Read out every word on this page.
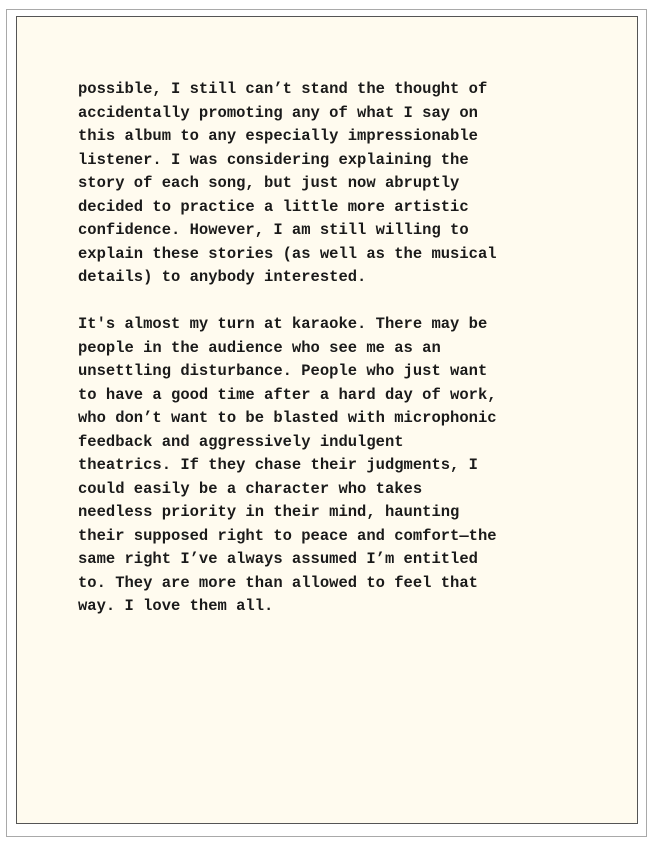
possible, I still can’t stand the thought of
accidentally promoting any of what I say on
this album to any especially impressionable
listener. I was considering explaining the
story of each song, but just now abruptly
decided to practice a little more artistic
confidence. However, I am still willing to
explain these stories (as well as the musical
details) to anybody interested.

It's almost my turn at karaoke. There may be
people in the audience who see me as an
unsettling disturbance. People who just want
to have a good time after a hard day of work,
who don’t want to be blasted with microphonic
feedback and aggressively indulgent
theatrics. If they chase their judgments, I
could easily be a character who takes
needless priority in their mind, haunting
their supposed right to peace and comfort—the
same right I’ve always assumed I’m entitled
to. They are more than allowed to feel that
way. I love them all.
